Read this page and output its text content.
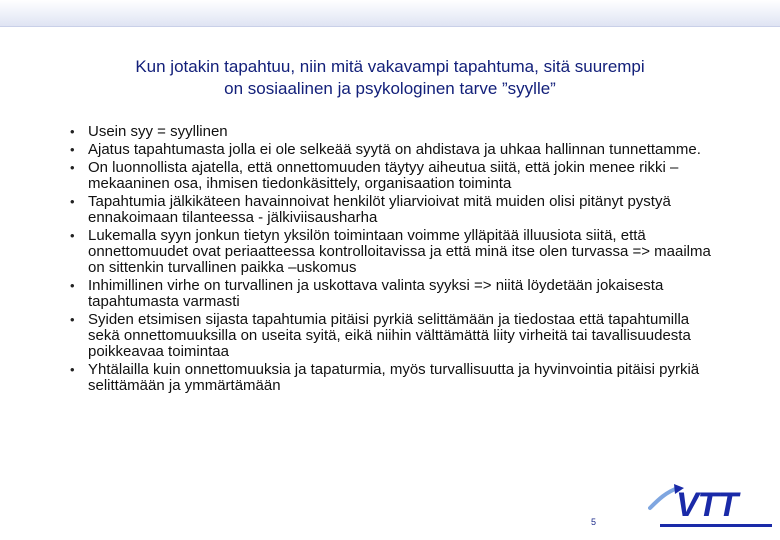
Kun jotakin tapahtuu, niin mitä vakavampi tapahtuma, sitä suurempi
on sosiaalinen ja psykologinen tarve ”syylle”
• Usein syy = syyllinen
• Ajatus tapahtumasta jolla ei ole selkeää syytä on ahdistava ja uhkaa hallinnan tunnettamme.
• On luonnollista ajatella, että onnettomuuden täytyy aiheutua siitä, että jokin menee rikki – mekaaninen osa, ihmisen tiedonkäsittely, organisaation toiminta
• Tapahtumia jälkikäteen havainnoivat henkilöt yliarvioivat mitä muiden olisi pitänyt pystyä ennakoimaan tilanteessa - jälkiviisausharha
• Lukemalla syyn jonkun tietyn yksilön toimintaan voimme ylläpitää illuusiota siitä, että onnettomuudet ovat periaatteessa kontrolloitavissa ja että minä itse olen turvassa => maailma on sittenkin turvallinen paikka –uskomus
• Inhimillinen virhe on turvallinen ja uskottava valinta syyksi => niitä löydetään jokaisesta tapahtumasta varmasti
• Syiden etsimisen sijasta tapahtumia pitäisi pyrkiä selittämään ja tiedostaa että tapahtumilla sekä onnettomuuksilla on useita syitä, eikä niihin välttämättä liity virheitä tai tavallisuudesta poikkeavaa toimintaa
• Yhtälailla kuin onnettomuuksia ja tapaturmia, myös turvallisuutta ja hyvinvointia pitäisi pyrkiä selittämään ja ymmärtämään
5 VTT
